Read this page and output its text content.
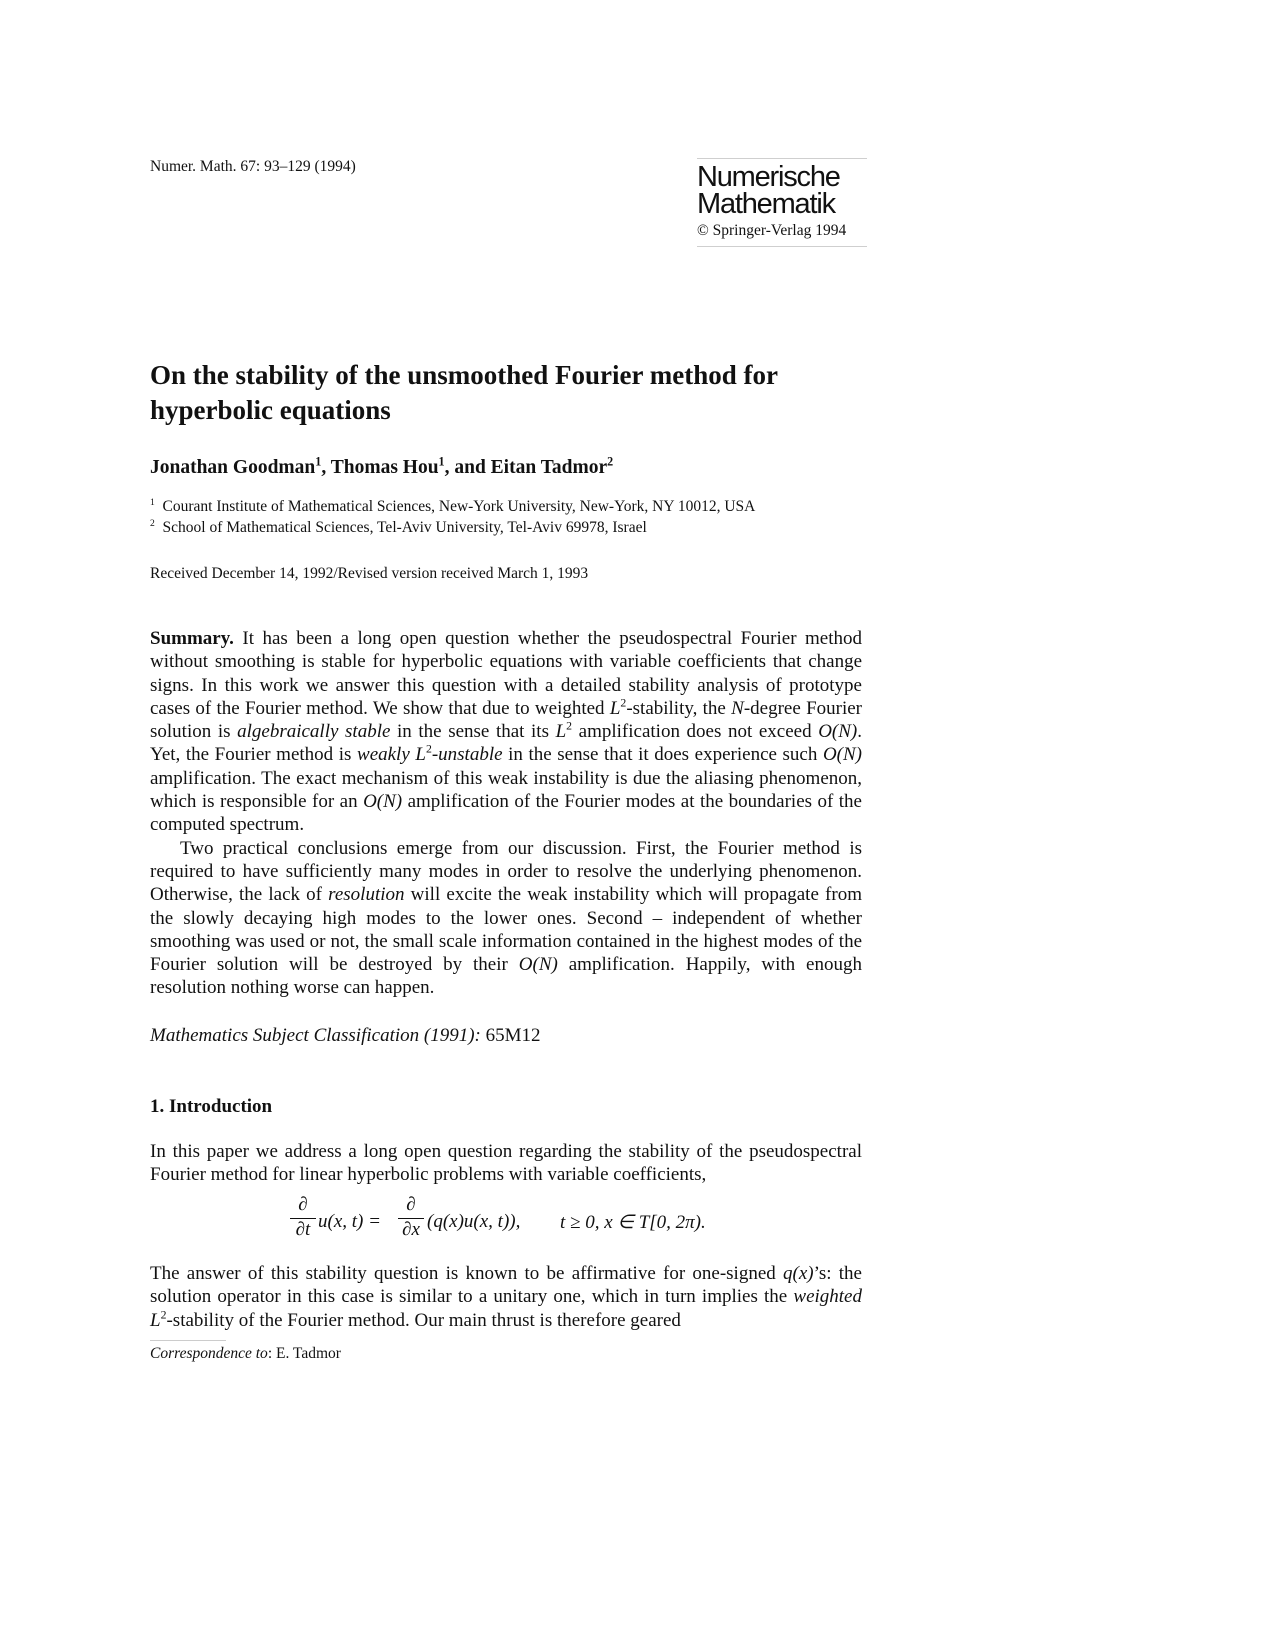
Numer. Math. 67: 93–129 (1994)	Numerische
Mathematik
© Springer-Verlag 1994
On the stability of the unsmoothed Fourier method for
hyperbolic equations
Jonathan Goodman$^1$, Thomas Hou$^1$, and Eitan Tadmor$^2$
$^1$ Courant Institute of Mathematical Sciences, New-York University, New-York, NY 10012, USA
$^2$ School of Mathematical Sciences, Tel-Aviv University, Tel-Aviv 69978, Israel
Received December 14, 1992/Revised version received March 1, 1993

Summary. It has been a long open question whether the pseudospectral Fourier method without smoothing is stable for hyperbolic equations with variable coefficients that change signs. In this work we answer this question with a detailed stability analysis of prototype cases of the Fourier method. We show that due to weighted $L^2$-stability, the N-degree Fourier solution is algebraically stable in the sense that its $L^2$ amplification does not exceed O(N). Yet, the Fourier method is weakly $L^2$-unstable in the sense that it does experience such O(N) amplification. The exact mechanism of this weak instability is due the aliasing phenomenon, which is responsible for an O(N) amplification of the Fourier modes at the boundaries of the computed spectrum.

Two practical conclusions emerge from our discussion. First, the Fourier method is required to have sufficiently many modes in order to resolve the underlying phenomenon. Otherwise, the lack of resolution will excite the weak instability which will propagate from the slowly decaying high modes to the lower ones. Second – independent of whether smoothing was used or not, the small scale information contained in the highest modes of the Fourier solution will be destroyed by their O(N) amplification. Happily, with enough resolution nothing worse can happen.

Mathematics Subject Classification (1991): 65M12
1. Introduction
In this paper we address a long open question regarding the stability of the pseudospectral Fourier method for linear hyperbolic problems with variable coefficients,
∂
∂t u(x, t) =
∂
∂x (q(x)u(x, t)), t ≥ 0, x ∈ T[0, 2π).
The answer of this stability question is known to be affirmative for one-signed q(x)’s: the solution operator in this case is similar to a unitary one, which in turn implies the weighted $L^2$-stability of the Fourier method. Our main thrust is therefore geared
Correspondence to: E. Tadmor
